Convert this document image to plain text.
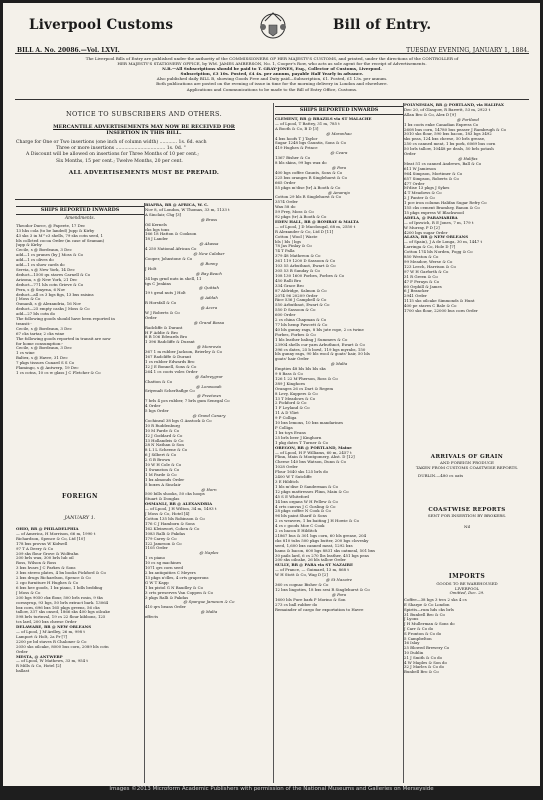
Liverpool Customs	Bill of Entry.
BILL A. No. 20086.—Vol. LXVI.	TUESDAY EVENING, JANUARY 1, 1884.

The Liverpool Bills of Entry are published under the authority of the COMMISSIONERS OF HER MAJESTY'S CUSTOMS, and printed, under the directions of the CONTROLLER of

HER MAJESTY'S STATIONERY OFFICE, by WM. JAMES AMBERSON, No. 1, Cooper's Row, who acts as sole agent for the receipt of Advertisements.

N.B.—All Subscriptions should be paid to T. GRAY-JONES, Esq., Collector of Customs, Liverpool.

Subscription, £3 10s. Posted, £4 4s. per annum, payable Half Yearly in advance.

Also published daily BILL B, showing Goods Free and Duty paid—Subscription, £1. Posted, £1 13s. per annum.

Both publications are posted on the evening of issue in time for the morning delivery in London and elsewhere.

Applications and Communications to be made to the Bill of Entry Office, Customs.

NOTICE TO SUBSCRIBERS AND OTHERS.

MERCANTILE ADVERTISEMENTS MAY NOW BE RECEIVED FOR

INSERTION IN THIS BILL.

Charge for One or Two insertions (one inch of column width) ............ 1s. 6d. each

Three or more insertions .................................. 1s. 0d. "

A Discount will be allowed on insertions for Three Months of 10 per cent.;

Six Months, 15 per cent.; Twelve Months, 20 per cent.

ALL ADVERTISEMENTS MUST BE PREPAID.

SHIPS REPORTED INWARDS
Amendments.
Theodor Durce, @ Papeete, 17 Dec
13 hhs cola (to be landed) Jupp & Kirby
43 sks 3 in M^c3 shells, 79 sks cotn seed, 1
bls collcted cocoa Order (in case of Seaman)
Jupp & Kirby
Cecile, s @ Bordeaux, 3 Dec
add—1 cs prunes (by J Moss & Co
add—1 cs olives do
add—1 cs show cards do
Servia, s @ New York, 14 Dec
deduct—1500 qu staves Carnell & Co
Arizona, s @ New York, 21 Dec
deduct—771 hls cotn Grieve & Co
Pera, s @ Smyrna, 6 Nov
deduct—all cs 3 bgs figs, 13 bxs raisins
J Moss & Co
Osmanli, s @ Alexandria, 16 Nov
deduct—25 empty casks J Moss & Co
add—27 bls cotn do
The following goods should have been reported in
transit:-
Cecile, s @ Bordeaux, 3 Dec
67 cks tartar, 2 cks wine
The following goods reported in transit are now
for home consumption:-
Cecile, s @ Bordeaux, 3 Dec
1 cs wine
Baltex, s @ Havre, 31 Dec
7 pkgs tissues Cunard S S Co
Flamingo, s @ Antwerp, 19 Dec
1 cs cotns, 10 cs w glass J C Fletcher & Co
FOREIGN
JANUARY 1.
OHIO, BR @ PHILADELPHIA
— of America, H Morrison, 66 m, 1990 t
Richardson, Spence & Co, Ltd [10]
178 bxs provns W Kidwell
97 T A Deery & Co
209 sks flour Grove & Wolfrahn
200 brls wax, 300 brls lub oil
Ross, Wilson & Ross
3 bxs hvars J C Parkes & Sons
3 bxs stereo plates, 4 bx books Pickford & Co
2 bxs drugs Richardson, Spence & Co
2 cgo furniture H Hughes & Co
6 bxs hee goods, 1 bx piano, 1 bdls bedding
J Moss & Co
200 bgs 9050 ckx flour, 500 brls rosin, 9 tks
cornsyrup, 93 bgs, 50 brls extract bark. 13064
bsx corn, 696 bxs 165 pkgs greens, 56 cks
tallow, 337 sks onsed, 1866 sks 400 bgs oilcake
598 brls turtnval, 19 cs 22 flour kibbons, 125
tcs lard, 200 bxs cheese Order
DELAWARE, BR @ NEW ORLEANS
— of Lpool, J M'Ardley, 26 m, 998 t
Lamport & Holt, 2a Pr [7]
2200 pe bd staves R Chaloner & Co
2050 sks oilcake, 8000 bus corn, 2089 bls cotn
Order
MESTA, @ ANTWERP
— of Lpool, W Mathews, 33 m, 954 t
R Mills & Co, Hotel [2]
ballast
BIAFRA, BR @ AFRICA, W. C.
Nov 8, of London, W Thomas, 33 m, 1133 t
A Sinclair, Chg [3]
@ Brass
Oil Kernels
cks bgs tons
166 18 Hatton & Cookson
18 J Lander
@ Akassa
4 250 National African Co
@ New Calabar
Cooper, Johnstone & Co
@ Bonny
J Holt
@ Bay Beach
34 bgs grnd nuts in shell, 11
tgs C Jenkins
@ Quittah
19 t grnd nuts J Holt
@ Addah
R Horsfall & Co
@ Accra
W J Roberts & Co
Order
@ Grand Bassa
Radcliffe & Durant
H F Addie & Bro
8 B 106 Edwards Bro
1 396 Radcliffe & Durant
@ Monrovia
367 1 m rubber Jackson, Brierley & Co
167 Radcliffe & Durant
1 cs rubber Edwards Bro
12 J E Bonnell, Sons & Co
264 1 cs coots voles Order
@ Sabreygrar
Chatton & Co
@ Lonwoaah
Sriyenalt Scherltaflge Co
@ Freetown
7 brls 4 pcs rubber, 7 brls gum Senegal Co
4 Order
5 bgs Order
@ Grand Canary
Cochineal 38 bgs G Anstock & Co
10 R Ruddenburg
10 M Parde & Co
12 J Goddard & Co
13 Hollandeis & Co
28 N Nathan & Son
8 L I L Scheene & Co
6 J Silbert & Co
2 G B Brown
10 W H Cole & Co
1 Swanston & Co
1 M Parde & Co
1 bx almonds Order
5 boxes A Sinclair
@ Horn
500 bills shooks, 50 cks hoops
Stuart & Douglas
OSMANLI, BR @ ALEXANDRIA
— of Lpool, J H Wilton, 34 m, 1493 t
J Moss & Co, Hotel [4]
Cotton 135 bls Robinson & Co
176 C J Hamborn & Sons
162 Kleinwort, Cohen & Co
1083 Ralli & Pakdas
179 Carey & Co
122 Jameson & Co
1105 Order
@ Naples
1 cs piano
10 cs sg machines
1071 qrs corn seed
2 bx antiquities C Meyers
13 pkgs n'dles, 4 crts graperons
G W T Kapp
1 bx pistol G N Baudley & Co
3 crts preserves Van Coppen & Co
3 pkgs Ralli & Pakdas
@ Spargue Jameson & Co
410 qrs beans Order
@ Malta
effects
SHIPS REPORTED INWARDS
CLEMENT, BR @ BRAZILS via ST MALACHE
— of Lpool, T Battey, 31 m, 785 t
A Booth & Co, B D [3]
@ Maranhao
4 bxs hoofs T J Taylor
Sugar 1248 bgs Gauntis, Sons & Co
419 Hughes & Prince
@ Ceara
1367 Bisher & Co
8 bls skins, 99 bgs wax do
@ Para
400 bgs coffee Gaunts, Sons & Co
225 bxs oranges R Singlehurst & Co
665 Order
55 pkgs m'dise [tr] A Booth & Co
@ Amaraja
Cotton 29 bls R Singlehurst & Co
3574 Order
Wax 58 do
59 Frey, Moss & Co
92 pkgs (tr) A Booth & Co
EDEN HALL, BR @ BOMBAY & MALTA
— of Lpool, J D Macdougal, 68 m, 2550 t
R Alexander & Co, Ltd D [11]
Cotton | Wool | Waste
bls | bls | bgs
78 Jas Finlay & Co
74 T Palla
379 48 Mathreon & Co
361 119 1200 D Sassoon & Co
103 55 Arbuthnot, Ewart & Co
305 53 B Sunday & Co
108 130 1600 Forbes, Forbes & Co
450 Ralli Bro
334 Grace Bro
87 Aldridge, Salmon & Co
2074 96 20209 Order
Rice 536 J Campbell & Co
550 Arbuthnot, Ewart & Co
550 D Sassoon & Co
600 Order
2 cs china Chapman & Co
77 bls hemp Fawcett & Co
40 bls gunny rags, 8 bls jute rope, 2 cs twine
Forbes, Forbes & Co
1 bls leather baling J Summers & Co
23904 shells cur yarn Arbuthnot, Ewart & Co
396 cs dates, 25 b bowl, 119 bgs myrabs, 150
bls gunny rags, 90 bls wool & goats' hair, 50 bls
goats' hair Order
@ Malta
Empties 48 bls bls bls sks
9 8 Bass & Co
126 1 22 M'Pherson, Ross & Co
389 J Kinghorn
Oranges 26 cs Dart & Regem
8 Levy, Kuppers & Co
13 T Meadows & Co
2 Pickford & Co
1 F Leyland & Co
11 A D Vliet
9 P Colliga
10 bxs lemons, 10 bxs mandarines
P Colliga
1 bx toys Evans
25 brls beer J Kinghorn
1 pkg dates T Turner & Co
OREGON, BR @ PORTLAND, Maine
— of Lpool, H F Williams, 60 m, 2457 t
Flinn, Main & Montgomery, Ahst. D [12]
Cheese 140 bxs Watson, Dunn & Co
1028 Order
Flour 1640 sks 125 brls do
2400 W T Sutcliffe
3 E Hilditch
1 bls m'dise D Sanderman & Co
12 pkgs mattresses Flinn, Main & Co
45 S E Whiteford
14 bxs organs W H Pellew & Co
4 crts canvas J C Gosling & Co
28 pkgs coffee N Cook & Co
96 bls paint Sharif & Sons
2 cs weavers, 1 bx baiting J H Howie & Co
4 cs c goods Moe C Cook
2 cs bacon E Hilditch
21867 bus & 301 bgs corn, 60 bls grease, 204
cks 810 tubs 500 pkgs butter, 200 bgs clovesky
seed, 1,600 bxs canned meat, 1292 bxs
hams & bacon, 600 bgs 8831 sks oatmeal, 501 bxs
30 pails lard, 6 cs 270 lbs leather, 451 bgs peas
200 sks oilcake, 26 bls tallow Order
SULLY, BR @ PARA via ST NAZAIRE
— of France, — Guimard, 13 m, 868 t
W H Stott & Co, Wag D [2]
@ St Nazaire
360 cs cognac Bisher & Co
12 bxs lingoties, 18 bxs sesi R Singlehurst & Co
@ Para
1600 bls Pure bark P Morino & Son
273 cs ball rubber do
Remainder of cargo for exportation to Havre
POLYNESIAN, BR @ PORTLAND, via HALIFAX
Dec 20, of Glasgow, R Barrett, 53 m, 2923 t
Allan Bro & Co, Alex D [9]
@ Portland
1 bx coots enke Canadian Express Co
2608 bus corn, 14780 bus peaser J Rambrugh & Co
3010 sks flour, 590 bxs bacon, 183 bgs 3492
sks peas, 124 bxs cheese, 50 brls grease,
250 cs canned meat, 1 bx pork, 6069 bus corn
50 brls tallow, 10448 pe deals, 50 brls potash
Order
@ Halifax
Meat 51 cs canned Andrews, Ball & Co
611 W Jamieson
964 Simpson, Mortimer & Co
657 Simpson, Roberts & Co
477 Order
M'dise 13 pkgs J Sykes
4 T Meadows & Co
2 J Panter & Co
1 pce iron column Halifax Sugar Refry Co
155 cks cement Bramhey, Banon & Co
15 pkgs express W Blackwood
ADELA, @ PARAMARIBA
— of Ipswich, R E Jones, 7 m, 179 t
W Murray, P D [2]
4200 bgs sugar Order
ALAVA, BR @ NEW ORLEANS
— of Spain), J A de Longa, 30 m, 1447 t
Larringa & Co, Hole D [7]
Cotton 174 bls Norden, Fogg & Co
850 Weston & Co
99 Meadow, Werse & Co
123 Leech, Harrison & Co
97 W H Garforth & Co
31 R Green & Co
47 F Ferayn & Co
60 Orphill & James
6 J Brancker
2941 Order
1115 sks oilcake Simmonds & Hunt
400 pe staves C Bale & Co
1700 sks flour, 22000 bus corn Order
ARRIVALS OF GRAIN
AND FOREIGN PRODUCE
TAKEN FROM CUSTOMS COASTWISE REPORTS.
DUBLIN.—480 cs oats
COASTWISE REPORTS
SENT FOR INSERTION BY BROKERS.
Nil
IMPORTS
GOODS TO BE WAREHOUSED
LIVERPOOL
Omitted, Dec. 29.
Coffee—38 bgs 3 trcs 2 sks 4 cs
E Sharpe & Co London
Spirits—rum hds cks brls
31 Bunbell Bro & Co
J Lyons
J H Mullerman & Sons do
J Carr & Co do
S Fronton & Co do
5 Campbelton
16 Islay
25 Blowed Brewery Co
10 Dublin
21 J Smith & Co do
4 W Maples & Son do
32 J Marles & Co do
Bunbell Bro & Co
Images ©2013 Microform Academic Publishers with permission of the National Museums and Galleries on Merseyside
